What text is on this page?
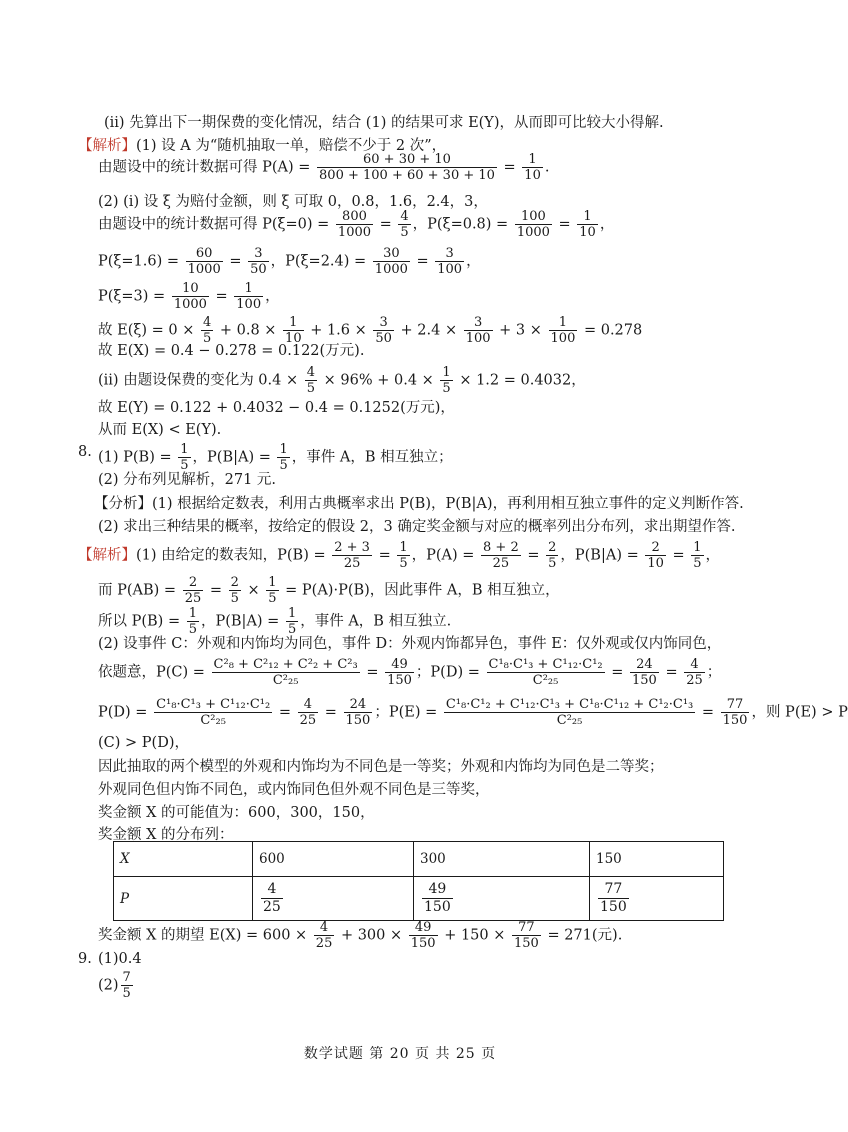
(ⅱ) 先算出下一期保费的变化情况，结合 (1) 的结果可求 E(Y)，从而即可比较大小得解.
【解析】(1) 设 A 为“随机抽取一单，赔偿不少于 2 次”，
由题设中的统计数据可得 $P(A) = \frac{60 + 30 + 10}{800 + 100 + 60 + 30 + 10} = \frac{1}{10}$ .
(2) (ⅰ) 设 ξ 为赔付金额，则 ξ 可取 0，0.8，1.6，2.4，3，
由题设中的统计数据可得 $P(\xi=0) = \frac{800}{1000} = \frac{4}{5}$ ，$P(\xi=0.8) = \frac{100}{1000} = \frac{1}{10}$ ，
$P(\xi=1.6) = \frac{60}{1000} = \frac{3}{50}$ ，$P(\xi=2.4) = \frac{30}{1000} = \frac{3}{100}$ ，
$P(\xi=3) = \frac{10}{1000} = \frac{1}{100}$ ，
故 $E(\xi) = 0 \times \frac{4}{5} + 0.8 \times \frac{1}{10} + 1.6 \times \frac{3}{50} + 2.4 \times \frac{3}{100} + 3 \times \frac{1}{100} = 0.278$
故 E(X) = 0.4 − 0.278 = 0.122(万元).
(ⅱ) 由题设保费的变化为 $0.4 \times \frac{4}{5} \times 96\% + 0.4 \times \frac{1}{5} \times 1.2 = 0.4032$，
故 E(Y) = 0.122 + 0.4032 − 0.4 = 0.1252(万元)，
从而 E(X) < E(Y).
8. (1) $P(B) = \frac{1}{5}$ ，$P(B|A) = \frac{1}{5}$ ，事件 A，B 相互独立；
(2) 分布列见解析，271 元.
【分析】(1) 根据给定数表，利用古典概率求出 P(B)，P(B|A)，再利用相互独立事件的定义判断作答.
(2) 求出三种结果的概率，按给定的假设 2，3 确定奖金额与对应的概率列出分布列，求出期望作答.
【解析】(1) 由给定的数表知，$P(B) = \frac{2 + 3}{25} = \frac{1}{5}$ ，$P(A) = \frac{8 + 2}{25} = \frac{2}{5}$ ，$P(B|A) = \frac{2}{10} = \frac{1}{5}$ ，
而 $P(AB) = \frac{2}{25} = \frac{2}{5} \times \frac{1}{5} = P(A)\cdot P(B)$，因此事件 A，B 相互独立，
所以 $P(B) = \frac{1}{5}$ ，$P(B|A) = \frac{1}{5}$ ，事件 A，B 相互独立.
(2) 设事件 C：外观和内饰均为同色，事件 D：外观内饰都异色，事件 E：仅外观或仅内饰同色，
依题意，$P(C) = \frac{\text{C²₈ + C²₁₂ + C²₂ + C²₃}}{\text{C²₂₅}} = \frac{49}{150}$ ；$P(D) = \frac{\text{C¹₈·C¹₃ + C¹₁₂·C¹₂}}{\text{C²₂₅}} = \frac{24}{150} = \frac{4}{25}$ ；
$P(D) = \frac{\text{C¹₈·C¹₃ + C¹₁₂·C¹₂}}{\text{C²₂₅}} = \frac{4}{25} = \frac{24}{150}$ ；$P(E) = \frac{\text{C¹₈·C¹₂ + C¹₁₂·C¹₃ + C¹₈·C¹₁₂ + C¹₂·C¹₃}}{\text{C²₂₅}} = \frac{77}{150}$ ，则 P(E) > P
(C) > P(D)，
因此抽取的两个模型的外观和内饰均为不同色是一等奖；外观和内饰均为同色是二等奖；
外观同色但内饰不同色，或内饰同色但外观不同色是三等奖，
奖金额 X 的可能值为：600，300，150，
奖金额 X 的分布列：
X	600	300	150
P	$\frac{4}{25}$	$\frac{49}{150}$	$\frac{77}{150}$
奖金额 X 的期望 $E(X) = 600 \times \frac{4}{25} + 300 \times \frac{49}{150} + 150 \times \frac{77}{150} = 271$(元).
9. (1)0.4
$(2) \frac{7}{5}$
数学试题 第 20 页 共 25 页
